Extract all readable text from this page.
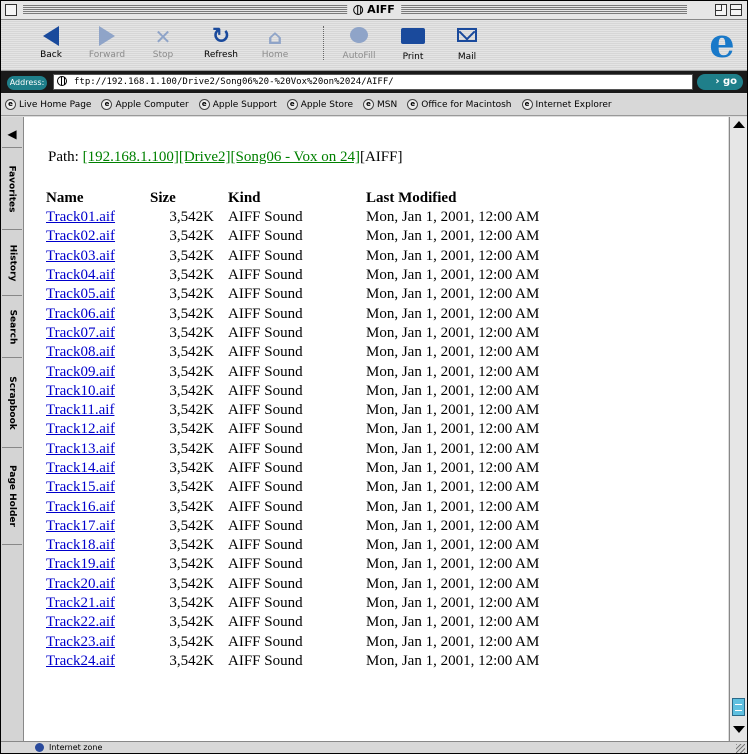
AIFF
Back	Forward
✕
Stop
↻
Refresh
⌂
Home	AutoFill	Print	Mail	e
Address:	ftp://192.168.1.100/Drive2/Song06%20-%20Vox%20on%2024/AIFF/	› go
e Live Home Page	e Apple Computer	e Apple Support	e Apple Store	e MSN	e Office for Macintosh	e Internet Explorer
◀
Favorites
History
Search
Scrapbook
Page Holder
Path: [192.168.1.100][Drive2][Song06 - Vox on 24][AIFF]
Name	Size	Kind	Last Modified
Track01.aif	3,542K	AIFF Sound	Mon, Jan 1, 2001, 12:00 AM
Track02.aif	3,542K	AIFF Sound	Mon, Jan 1, 2001, 12:00 AM
Track03.aif	3,542K	AIFF Sound	Mon, Jan 1, 2001, 12:00 AM
Track04.aif	3,542K	AIFF Sound	Mon, Jan 1, 2001, 12:00 AM
Track05.aif	3,542K	AIFF Sound	Mon, Jan 1, 2001, 12:00 AM
Track06.aif	3,542K	AIFF Sound	Mon, Jan 1, 2001, 12:00 AM
Track07.aif	3,542K	AIFF Sound	Mon, Jan 1, 2001, 12:00 AM
Track08.aif	3,542K	AIFF Sound	Mon, Jan 1, 2001, 12:00 AM
Track09.aif	3,542K	AIFF Sound	Mon, Jan 1, 2001, 12:00 AM
Track10.aif	3,542K	AIFF Sound	Mon, Jan 1, 2001, 12:00 AM
Track11.aif	3,542K	AIFF Sound	Mon, Jan 1, 2001, 12:00 AM
Track12.aif	3,542K	AIFF Sound	Mon, Jan 1, 2001, 12:00 AM
Track13.aif	3,542K	AIFF Sound	Mon, Jan 1, 2001, 12:00 AM
Track14.aif	3,542K	AIFF Sound	Mon, Jan 1, 2001, 12:00 AM
Track15.aif	3,542K	AIFF Sound	Mon, Jan 1, 2001, 12:00 AM
Track16.aif	3,542K	AIFF Sound	Mon, Jan 1, 2001, 12:00 AM
Track17.aif	3,542K	AIFF Sound	Mon, Jan 1, 2001, 12:00 AM
Track18.aif	3,542K	AIFF Sound	Mon, Jan 1, 2001, 12:00 AM
Track19.aif	3,542K	AIFF Sound	Mon, Jan 1, 2001, 12:00 AM
Track20.aif	3,542K	AIFF Sound	Mon, Jan 1, 2001, 12:00 AM
Track21.aif	3,542K	AIFF Sound	Mon, Jan 1, 2001, 12:00 AM
Track22.aif	3,542K	AIFF Sound	Mon, Jan 1, 2001, 12:00 AM
Track23.aif	3,542K	AIFF Sound	Mon, Jan 1, 2001, 12:00 AM
Track24.aif	3,542K	AIFF Sound	Mon, Jan 1, 2001, 12:00 AM
Internet zone
